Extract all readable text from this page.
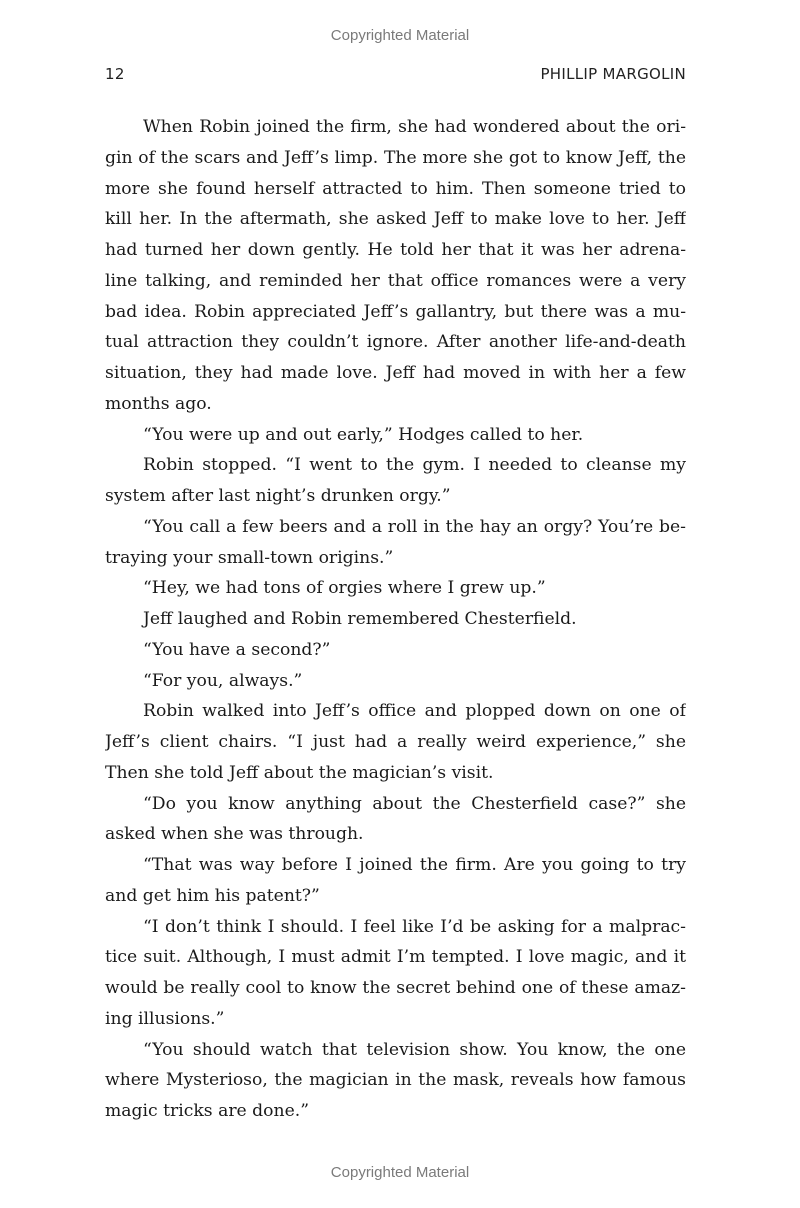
Copyrighted Material
12	PHILLIP MARGOLIN
When Robin joined the firm, she had wondered about the ori-
gin of the scars and Jeff’s limp. The more she got to know Jeff, the
more she found herself attracted to him. Then someone tried to
kill her. In the aftermath, she asked Jeff to make love to her. Jeff
had turned her down gently. He told her that it was her adrena-
line talking, and reminded her that office romances were a very
bad idea. Robin appreciated Jeff’s gallantry, but there was a mu-
tual attraction they couldn’t ignore. After another life-and-death
situation, they had made love. Jeff had moved in with her a few
months ago.
“You were up and out early,” Hodges called to her.
Robin stopped. “I went to the gym. I needed to cleanse my
system after last night’s drunken orgy.”
“You call a few beers and a roll in the hay an orgy? You’re be-
traying your small-town origins.”
“Hey, we had tons of orgies where I grew up.”
Jeff laughed and Robin remembered Chesterfield.
“You have a second?”
“For you, always.”
Robin walked into Jeff’s office and plopped down on one of
Jeff’s client chairs. “I just had a really weird experience,” she
Then she told Jeff about the magician’s visit.
“Do you know anything about the Chesterfield case?” she
asked when she was through.
“That was way before I joined the firm. Are you going to try
and get him his patent?”
“I don’t think I should. I feel like I’d be asking for a malprac-
tice suit. Although, I must admit I’m tempted. I love magic, and it
would be really cool to know the secret behind one of these amaz-
ing illusions.”
“You should watch that television show. You know, the one
where Mysterioso, the magician in the mask, reveals how famous
magic tricks are done.”
Copyrighted Material
